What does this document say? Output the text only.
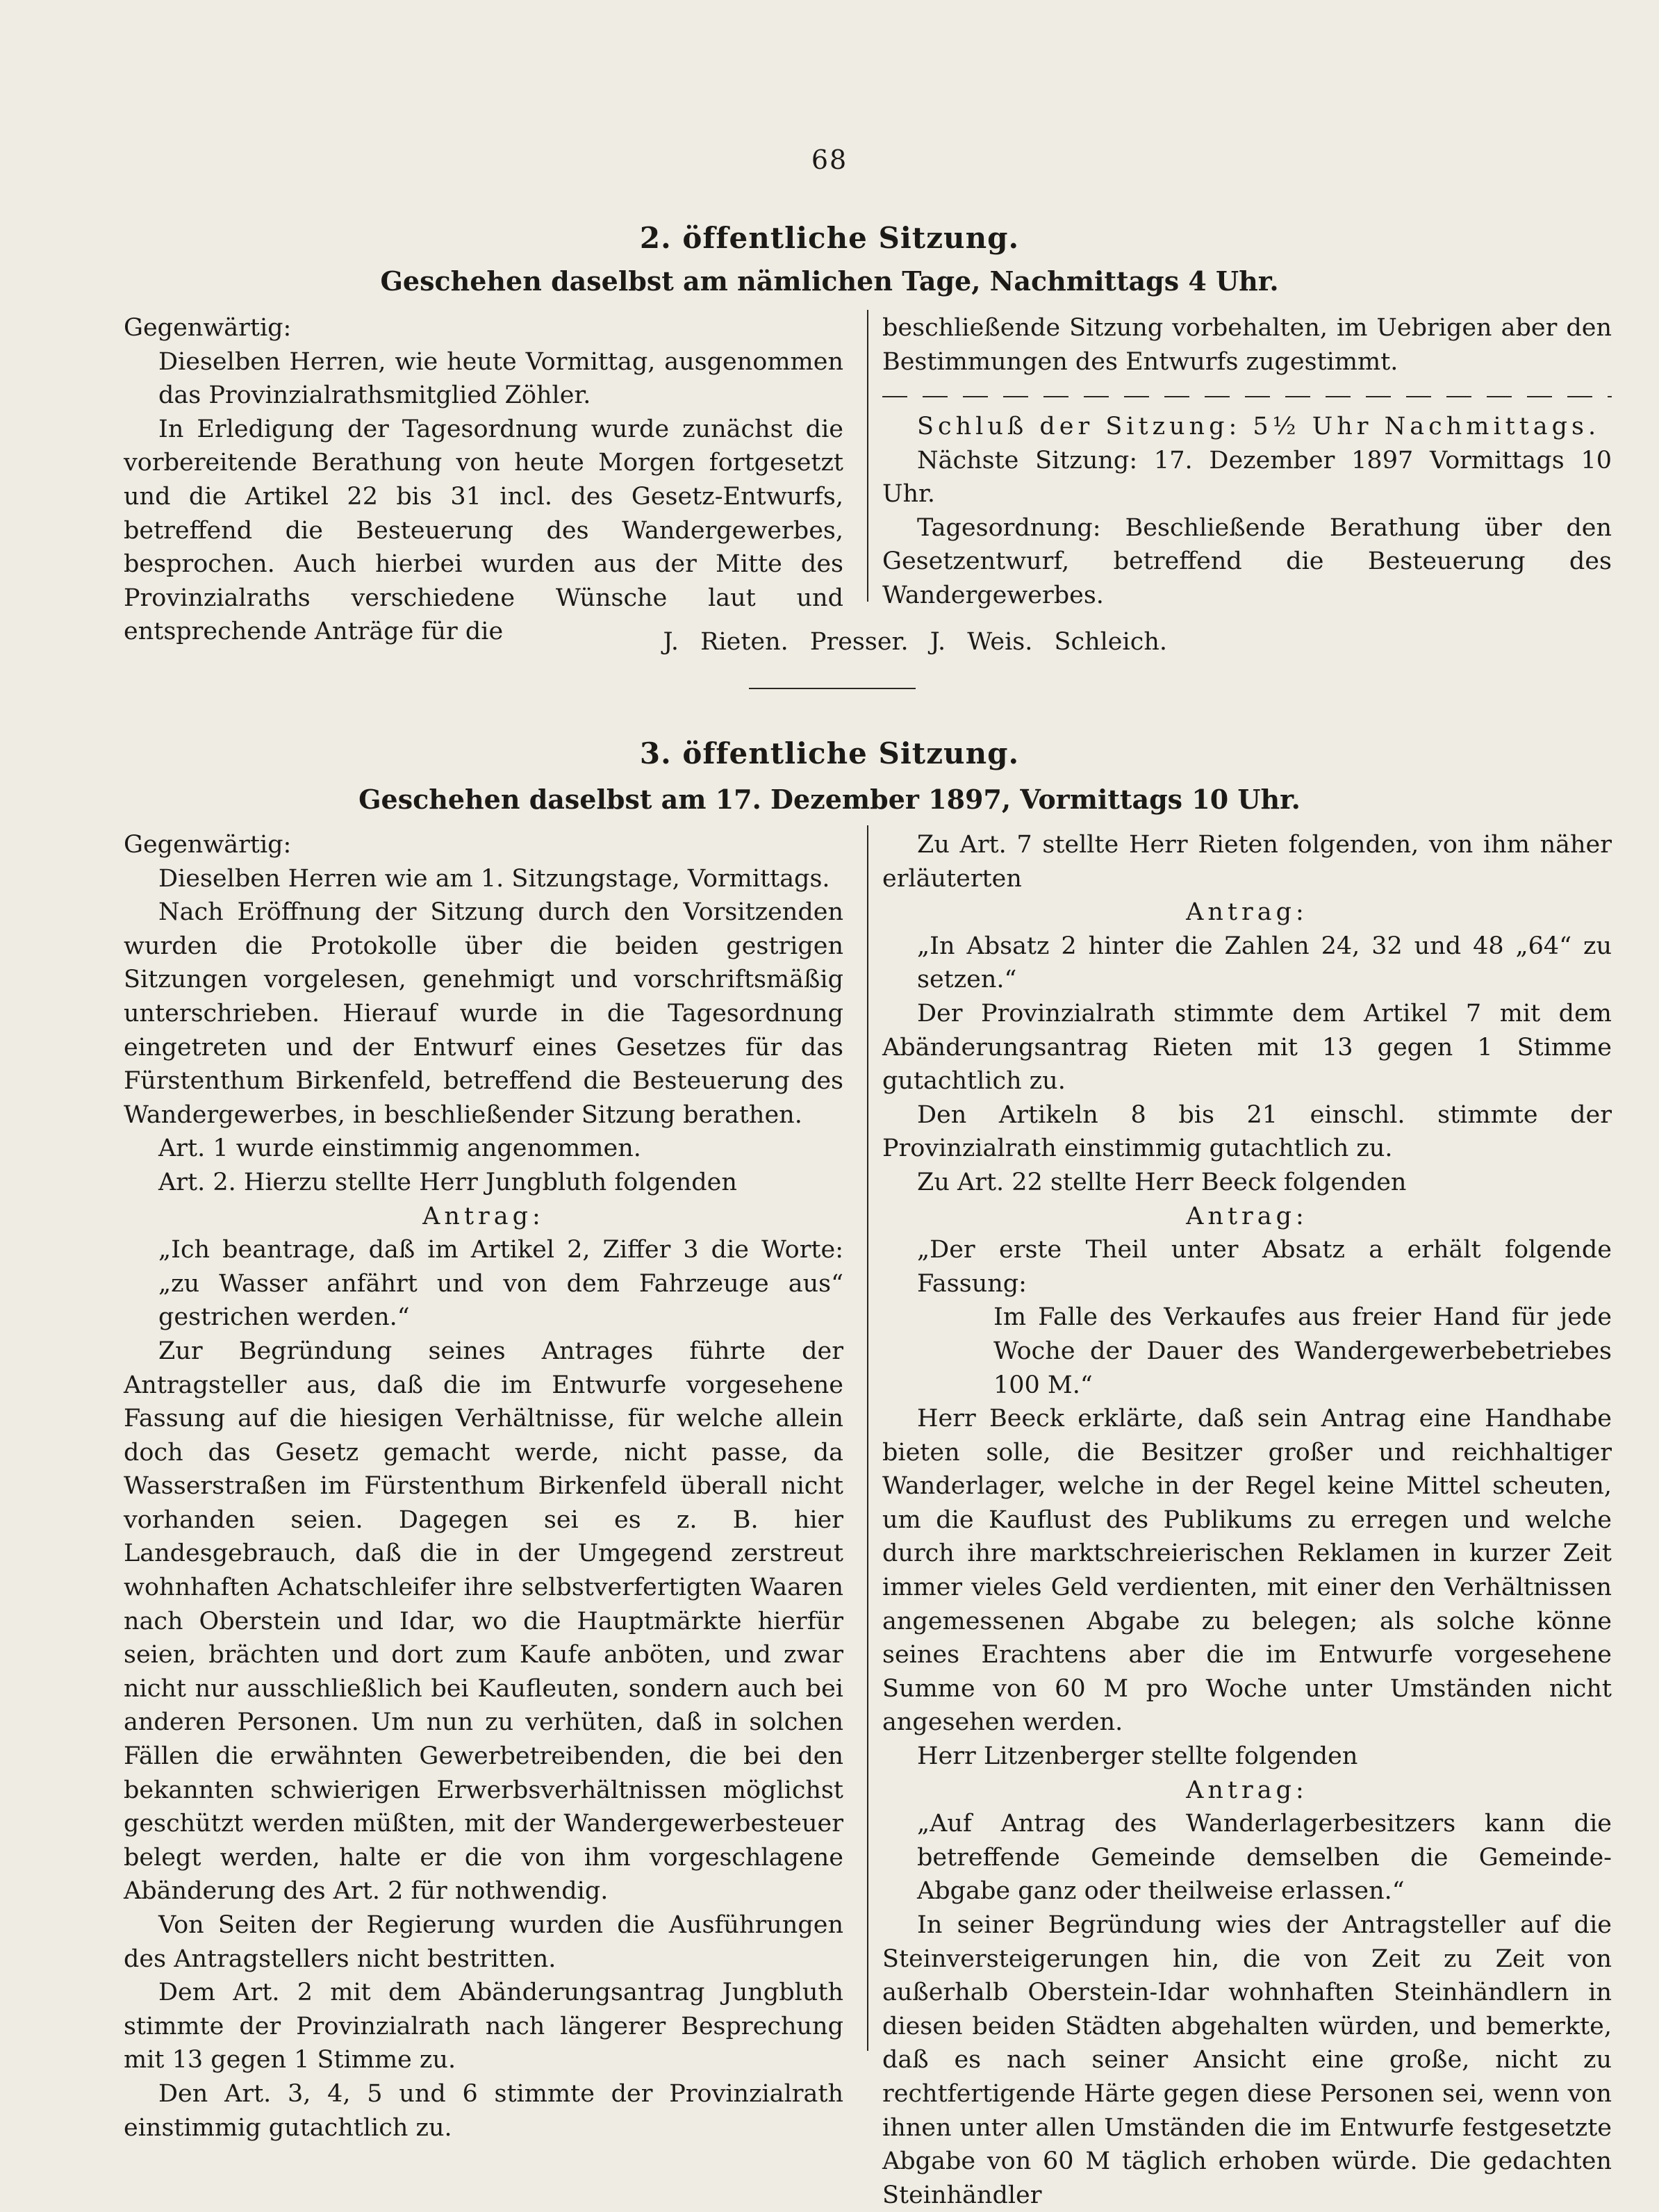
68
2. öffentliche Sitzung.
Geschehen daselbst am nämlichen Tage, Nachmittags 4 Uhr.

Gegenwärtig:

Dieselben Herren, wie heute Vormittag, ausgenommen das Provinzialrathsmitglied Zöhler.

In Erledigung der Tagesordnung wurde zunächst die vorbereitende Berathung von heute Morgen fortgesetzt und die Artikel 22 bis 31 incl. des Gesetz-Entwurfs, betreffend die Besteuerung des Wandergewerbes, besprochen. Auch hierbei wurden aus der Mitte des Provinzialraths verschiedene Wünsche laut und entsprechende Anträge für die

beschließende Sitzung vorbehalten, im Uebrigen aber den Bestimmungen des Entwurfs zugestimmt.

Schluß der Sitzung: 5½ Uhr Nachmittags.

Nächste Sitzung: 17. Dezember 1897 Vormittags 10 Uhr.

Tagesordnung: Beschließende Berathung über den Gesetzentwurf, betreffend die Besteuerung des Wandergewerbes.

J. Rieten. Presser. J. Weis. Schleich.

3. öffentliche Sitzung.
Geschehen daselbst am 17. Dezember 1897, Vormittags 10 Uhr.

Gegenwärtig:

Dieselben Herren wie am 1. Sitzungstage, Vormittags.

Nach Eröffnung der Sitzung durch den Vorsitzenden wurden die Protokolle über die beiden gestrigen Sitzungen vorgelesen, genehmigt und vorschriftsmäßig unterschrieben. Hierauf wurde in die Tagesordnung eingetreten und der Entwurf eines Gesetzes für das Fürstenthum Birkenfeld, betreffend die Besteuerung des Wandergewerbes, in beschließender Sitzung berathen.

Art. 1 wurde einstimmig angenommen.

Art. 2. Hierzu stellte Herr Jungbluth folgenden

Antrag:

„Ich beantrage, daß im Artikel 2, Ziffer 3 die Worte: „zu Wasser anfährt und von dem Fahrzeuge aus“ gestrichen werden.“

Zur Begründung seines Antrages führte der Antragsteller aus, daß die im Entwurfe vorgesehene Fassung auf die hiesigen Verhältnisse, für welche allein doch das Gesetz gemacht werde, nicht passe, da Wasserstraßen im Fürstenthum Birkenfeld überall nicht vorhanden seien. Dagegen sei es z. B. hier Landesgebrauch, daß die in der Umgegend zerstreut wohnhaften Achatschleifer ihre selbstverfertigten Waaren nach Oberstein und Idar, wo die Hauptmärkte hierfür seien, brächten und dort zum Kaufe anböten, und zwar nicht nur ausschließlich bei Kaufleuten, sondern auch bei anderen Personen. Um nun zu verhüten, daß in solchen Fällen die erwähnten Gewerbetreibenden, die bei den bekannten schwierigen Erwerbsverhältnissen möglichst geschützt werden müßten, mit der Wandergewerbesteuer belegt werden, halte er die von ihm vorgeschlagene Abänderung des Art. 2 für nothwendig.

Von Seiten der Regierung wurden die Ausführungen des Antragstellers nicht bestritten.

Dem Art. 2 mit dem Abänderungsantrag Jungbluth stimmte der Provinzialrath nach längerer Besprechung mit 13 gegen 1 Stimme zu.

Den Art. 3, 4, 5 und 6 stimmte der Provinzialrath einstimmig gutachtlich zu.

Zu Art. 7 stellte Herr Rieten folgenden, von ihm näher erläuterten

Antrag:

„In Absatz 2 hinter die Zahlen 24, 32 und 48 „64“ zu setzen.“

Der Provinzialrath stimmte dem Artikel 7 mit dem Abänderungsantrag Rieten mit 13 gegen 1 Stimme gutachtlich zu.

Den Artikeln 8 bis 21 einschl. stimmte der Provinzialrath einstimmig gutachtlich zu.

Zu Art. 22 stellte Herr Beeck folgenden

Antrag:

„Der erste Theil unter Absatz a erhält folgende Fassung:

Im Falle des Verkaufes aus freier Hand für jede Woche der Dauer des Wandergewerbebetriebes 100 M.“

Herr Beeck erklärte, daß sein Antrag eine Handhabe bieten solle, die Besitzer großer und reichhaltiger Wanderlager, welche in der Regel keine Mittel scheuten, um die Kauflust des Publikums zu erregen und welche durch ihre marktschreierischen Reklamen in kurzer Zeit immer vieles Geld verdienten, mit einer den Verhältnissen angemessenen Abgabe zu belegen; als solche könne seines Erachtens aber die im Entwurfe vorgesehene Summe von 60 M pro Woche unter Umständen nicht angesehen werden.

Herr Litzenberger stellte folgenden

Antrag:

„Auf Antrag des Wanderlagerbesitzers kann die betreffende Gemeinde demselben die Gemeinde-Abgabe ganz oder theilweise erlassen.“

In seiner Begründung wies der Antragsteller auf die Steinversteigerungen hin, die von Zeit zu Zeit von außerhalb Oberstein-Idar wohnhaften Steinhändlern in diesen beiden Städten abgehalten würden, und bemerkte, daß es nach seiner Ansicht eine große, nicht zu rechtfertigende Härte gegen diese Personen sei, wenn von ihnen unter allen Umständen die im Entwurfe festgesetzte Abgabe von 60 M täglich erhoben würde. Die gedachten Steinhändler
